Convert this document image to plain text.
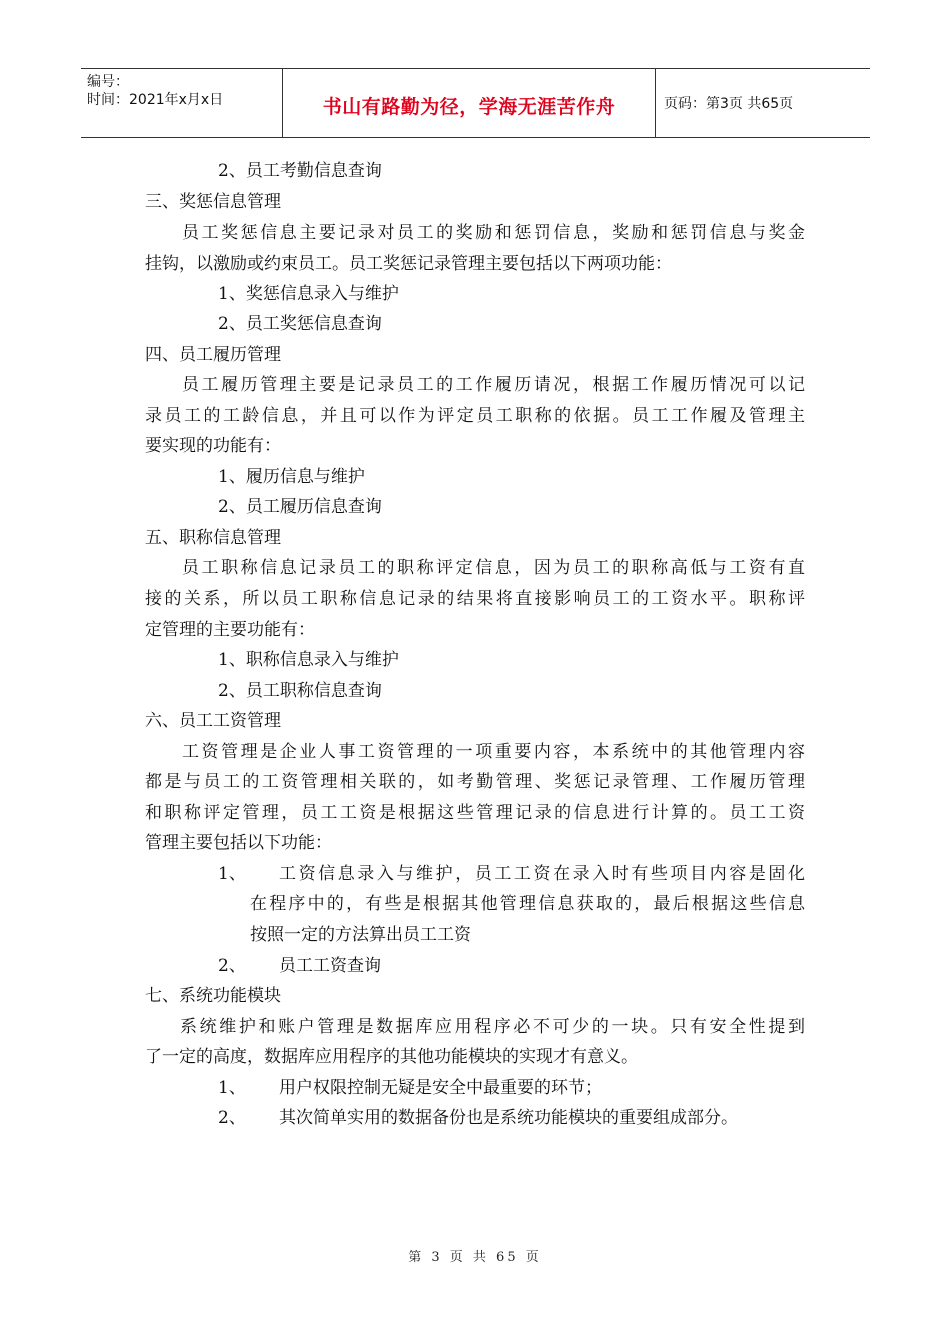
编号：
时间：2021年x月x日	书山有路勤为径，学海无涯苦作舟	页码：第3页 共65页
2、员工考勤信息查询
三、奖惩信息管理
员工奖惩信息主要记录对员工的奖励和惩罚信息，奖励和惩罚信息与奖金
挂钩，以激励或约束员工。员工奖惩记录管理主要包括以下两项功能：
1、奖惩信息录入与维护
2、员工奖惩信息查询
四、员工履历管理
员工履历管理主要是记录员工的工作履历请况，根据工作履历情况可以记
录员工的工龄信息，并且可以作为评定员工职称的依据。员工工作履及管理主
要实现的功能有：
1、履历信息与维护
2、员工履历信息查询
五、职称信息管理
员工职称信息记录员工的职称评定信息，因为员工的职称高低与工资有直
接的关系，所以员工职称信息记录的结果将直接影响员工的工资水平。职称评
定管理的主要功能有：
1、职称信息录入与维护
2、员工职称信息查询
六、员工工资管理
工资管理是企业人事工资管理的一项重要内容，本系统中的其他管理内容
都是与员工的工资管理相关联的，如考勤管理、奖惩记录管理、工作履历管理
和职称评定管理，员工工资是根据这些管理记录的信息进行计算的。员工工资
管理主要包括以下功能：
1、 工资信息录入与维护，员工工资在录入时有些项目内容是固化
在程序中的，有些是根据其他管理信息获取的，最后根据这些信息
按照一定的方法算出员工工资
2、 员工工资查询
七、系统功能模块
系统维护和账户管理是数据库应用程序必不可少的一块。只有安全性提到
了一定的高度，数据库应用程序的其他功能模块的实现才有意义。
1、 用户权限控制无疑是安全中最重要的环节；
2、 其次简单实用的数据备份也是系统功能模块的重要组成部分。
第 3 页 共 65 页
